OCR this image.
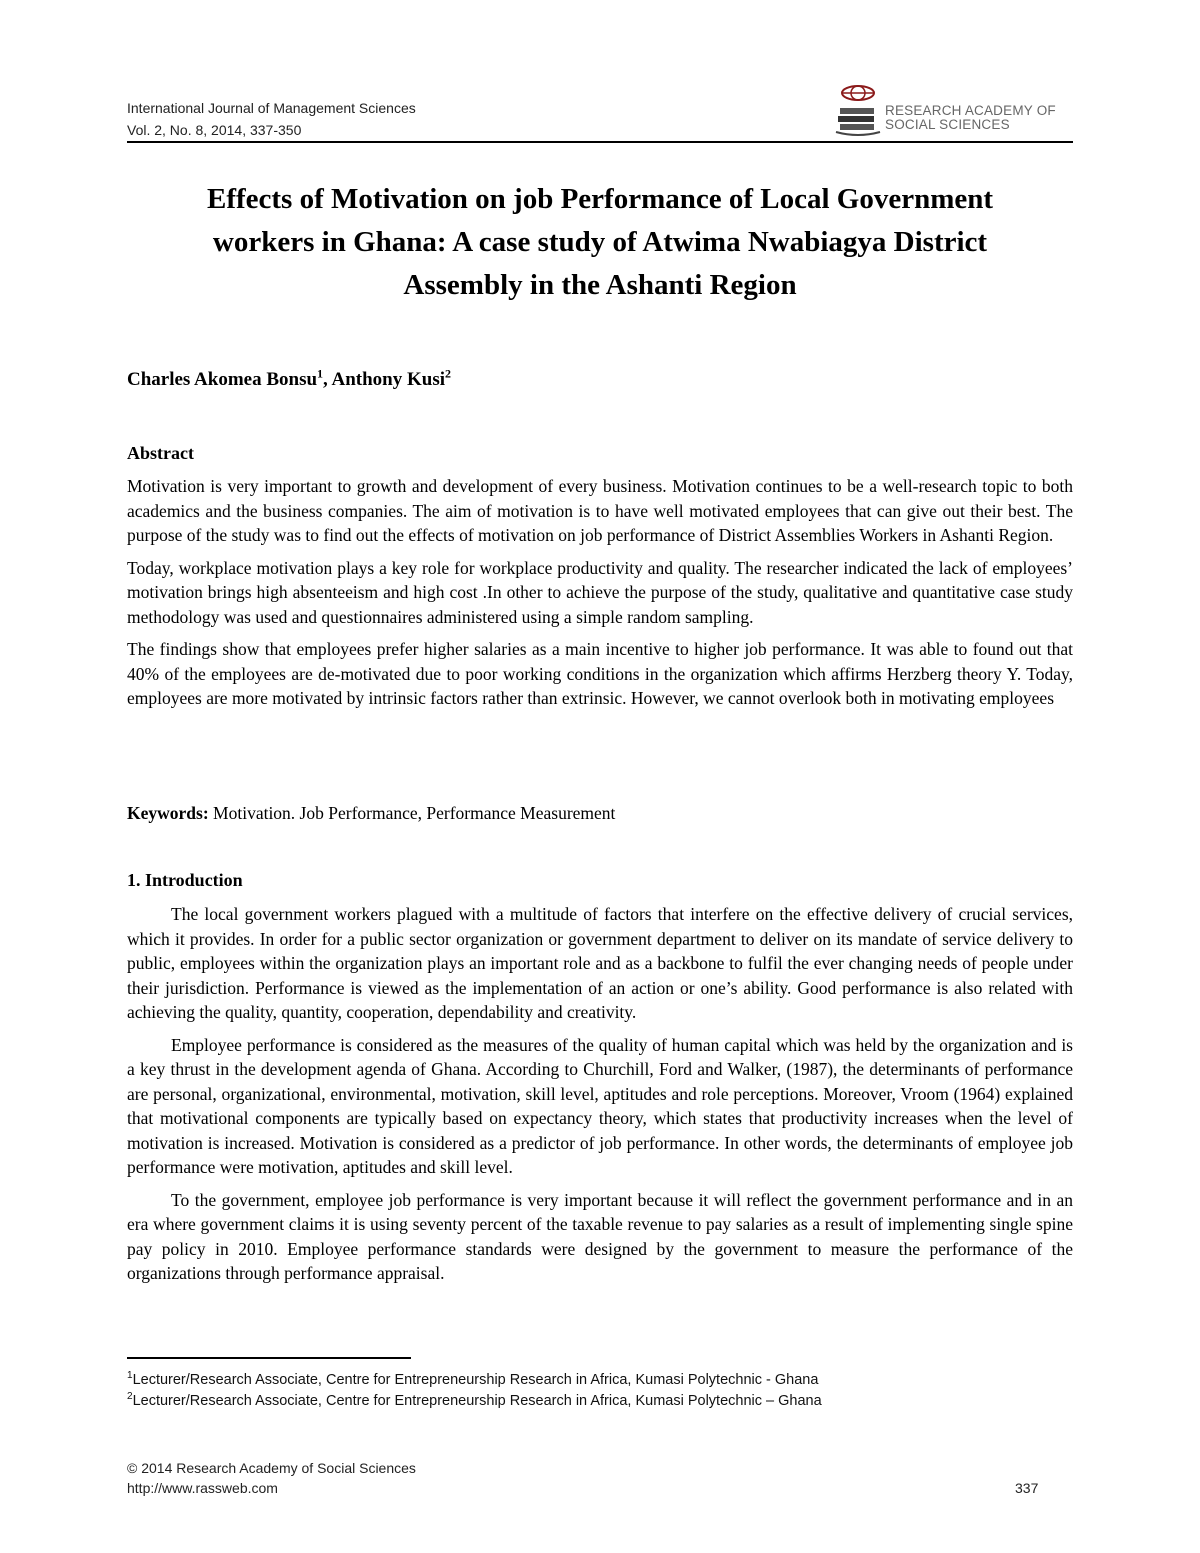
International Journal of Management Sciences
Vol. 2, No. 8, 2014, 337-350
RESEARCH ACADEMY OF
SOCIAL SCIENCES
Effects of Motivation on job Performance of Local Government
workers in Ghana: A case study of Atwima Nwabiagya District
Assembly in the Ashanti Region
Charles Akomea Bonsu$^1$, Anthony Kusi$^2$
Abstract

Motivation is very important to growth and development of every business. Motivation continues to be a well-research topic to both academics and the business companies. The aim of motivation is to have well motivated employees that can give out their best. The purpose of the study was to find out the effects of motivation on job performance of District Assemblies Workers in Ashanti Region.

Today, workplace motivation plays a key role for workplace productivity and quality. The researcher indicated the lack of employees’ motivation brings high absenteeism and high cost .In other to achieve the purpose of the study, qualitative and quantitative case study methodology was used and questionnaires administered using a simple random sampling.

The findings show that employees prefer higher salaries as a main incentive to higher job performance. It was able to found out that 40% of the employees are de-motivated due to poor working conditions in the organization which affirms Herzberg theory Y. Today, employees are more motivated by intrinsic factors rather than extrinsic. However, we cannot overlook both in motivating employees

Keywords: Motivation. Job Performance, Performance Measurement
1. Introduction

The local government workers plagued with a multitude of factors that interfere on the effective delivery of crucial services, which it provides. In order for a public sector organization or government department to deliver on its mandate of service delivery to public, employees within the organization plays an important role and as a backbone to fulfil the ever changing needs of people under their jurisdiction. Performance is viewed as the implementation of an action or one’s ability. Good performance is also related with achieving the quality, quantity, cooperation, dependability and creativity.

Employee performance is considered as the measures of the quality of human capital which was held by the organization and is a key thrust in the development agenda of Ghana. According to Churchill, Ford and Walker, (1987), the determinants of performance are personal, organizational, environmental, motivation, skill level, aptitudes and role perceptions. Moreover, Vroom (1964) explained that motivational components are typically based on expectancy theory, which states that productivity increases when the level of motivation is increased. Motivation is considered as a predictor of job performance. In other words, the determinants of employee job performance were motivation, aptitudes and skill level.

To the government, employee job performance is very important because it will reflect the government performance and in an era where government claims it is using seventy percent of the taxable revenue to pay salaries as a result of implementing single spine pay policy in 2010. Employee performance standards were designed by the government to measure the performance of the organizations through performance appraisal.

$^1$Lecturer/Research Associate, Centre for Entrepreneurship Research in Africa, Kumasi Polytechnic - Ghana
$^2$Lecturer/Research Associate, Centre for Entrepreneurship Research in Africa, Kumasi Polytechnic – Ghana
© 2014 Research Academy of Social Sciences
http://www.rassweb.com	337
